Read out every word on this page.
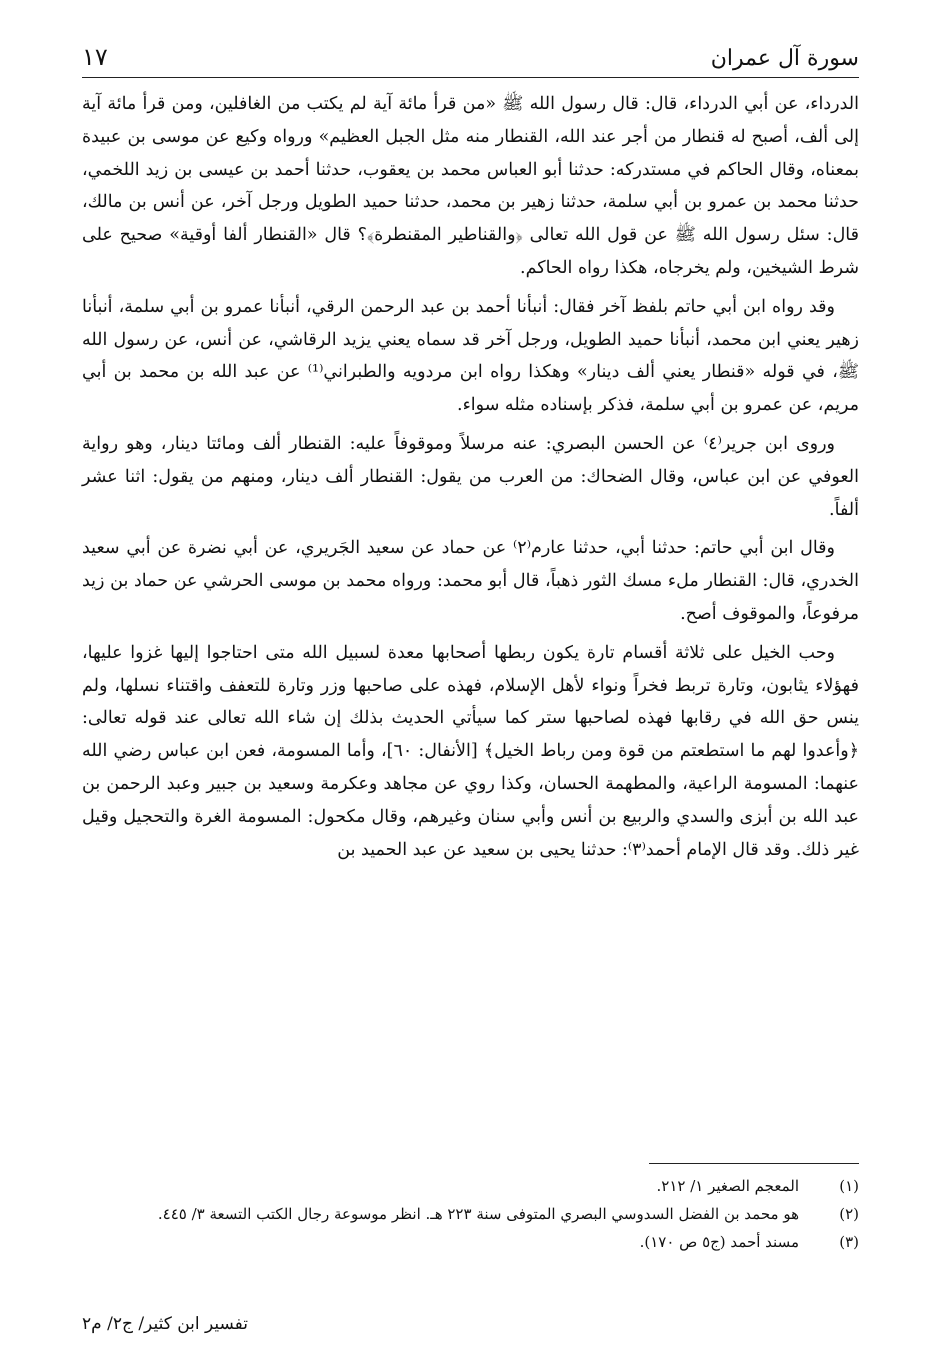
سورة آل عمران
١٧

الدرداء، عن أبي الدرداء، قال: قال رسول الله ﷺ «من قرأ مائة آية لم يكتب من الغافلين، ومن قرأ مائة آية إلى ألف، أصبح له قنطار من أجر عند الله، القنطار منه مثل الجبل العظيم» ورواه وكيع عن موسى بن عبيدة بمعناه، وقال الحاكم في مستدركه: حدثنا أبو العباس محمد بن يعقوب، حدثنا أحمد بن عيسى بن زيد اللخمي، حدثنا محمد بن عمرو بن أبي سلمة، حدثنا زهير بن محمد، حدثنا حميد الطويل ورجل آخر، عن أنس بن مالك، قال: سئل رسول الله ﷺ عن قول الله تعالى ﴿والقناطير المقنطرة﴾؟ قال «القنطار ألفا أوقية» صحيح على شرط الشيخين، ولم يخرجاه، هكذا رواه الحاكم.

وقد رواه ابن أبي حاتم بلفظ آخر فقال: أنبأنا أحمد بن عبد الرحمن الرقي، أنبأنا عمرو بن أبي سلمة، أنبأنا زهير يعني ابن محمد، أنبأنا حميد الطويل، ورجل آخر قد سماه يعني يزيد الرقاشي، عن أنس، عن رسول الله ﷺ، في قوله «قنطار يعني ألف دينار» وهكذا رواه ابن مردويه والطبراني⁽¹⁾ عن عبد الله بن محمد بن أبي مريم، عن عمرو بن أبي سلمة، فذكر بإسناده مثله سواء.

وروى ابن جرير⁽٤⁾ عن الحسن البصري: عنه مرسلاً وموقوفاً عليه: القنطار ألف ومائتا دينار، وهو رواية العوفي عن ابن عباس، وقال الضحاك: من العرب من يقول: القنطار ألف دينار، ومنهم من يقول: اثنا عشر ألفاً.

وقال ابن أبي حاتم: حدثنا أبي، حدثنا عارم⁽٢⁾ عن حماد عن سعيد الجَريري، عن أبي نضرة عن أبي سعيد الخدري، قال: القنطار ملء مسك الثور ذهباً، قال أبو محمد: ورواه محمد بن موسى الحرشي عن حماد بن زيد مرفوعاً، والموقوف أصح.

وحب الخيل على ثلاثة أقسام تارة يكون ربطها أصحابها معدة لسبيل الله متى احتاجوا إليها غزوا عليها، فهؤلاء يثابون، وتارة تربط فخراً ونواء لأهل الإسلام، فهذه على صاحبها وزر وتارة للتعفف واقتناء نسلها، ولم ينس حق الله في رقابها فهذه لصاحبها ستر كما سيأتي الحديث بذلك إن شاء الله تعالى عند قوله تعالى: ﴿وأعدوا لهم ما استطعتم من قوة ومن رباط الخيل﴾ [الأنفال: ٦٠]، وأما المسومة، فعن ابن عباس رضي الله عنهما: المسومة الراعية، والمطهمة الحسان، وكذا روي عن مجاهد وعكرمة وسعيد بن جبير وعبد الرحمن بن عبد الله بن أبزى والسدي والربيع بن أنس وأبي سنان وغيرهم، وقال مكحول: المسومة الغرة والتحجيل وقيل غير ذلك. وقد قال الإمام أحمد⁽٣⁾: حدثنا يحيى بن سعيد عن عبد الحميد بن

(١)
المعجم الصغير ١/ ٢١٢.
(٢)
هو محمد بن الفضل السدوسي البصري المتوفى سنة ٢٢٣ هـ. انظر موسوعة رجال الكتب التسعة ٣/ ٤٤٥.
(٣)
مسند أحمد (ج٥ ص ١٧٠).
تفسير ابن كثير/ ج٢/ م٢
